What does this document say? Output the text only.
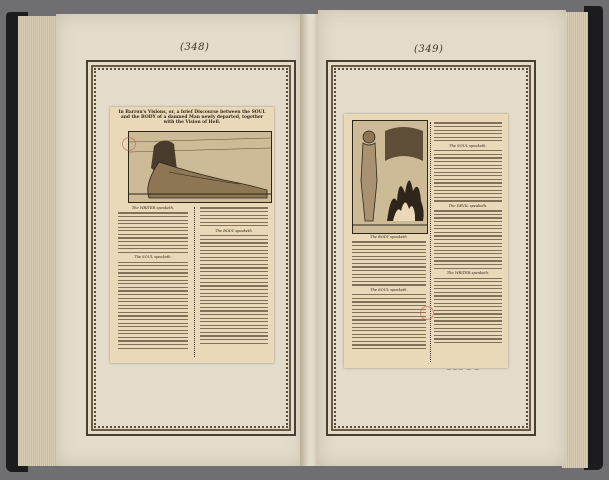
(348)
In Barron's Visions, or, a brief Discourse between the SOUL and the BODY of a damned Man newly departed, together with the Vision of Hell.
The WRITER speaketh.
The SOUL speaketh.
The BODY speaketh.
(349)
The BODY speaketh.
The SOUL speaketh.
The SOUL speaketh.
The DEVIL speaketh.
The WRITER speaketh.
~~~ ~ ~
